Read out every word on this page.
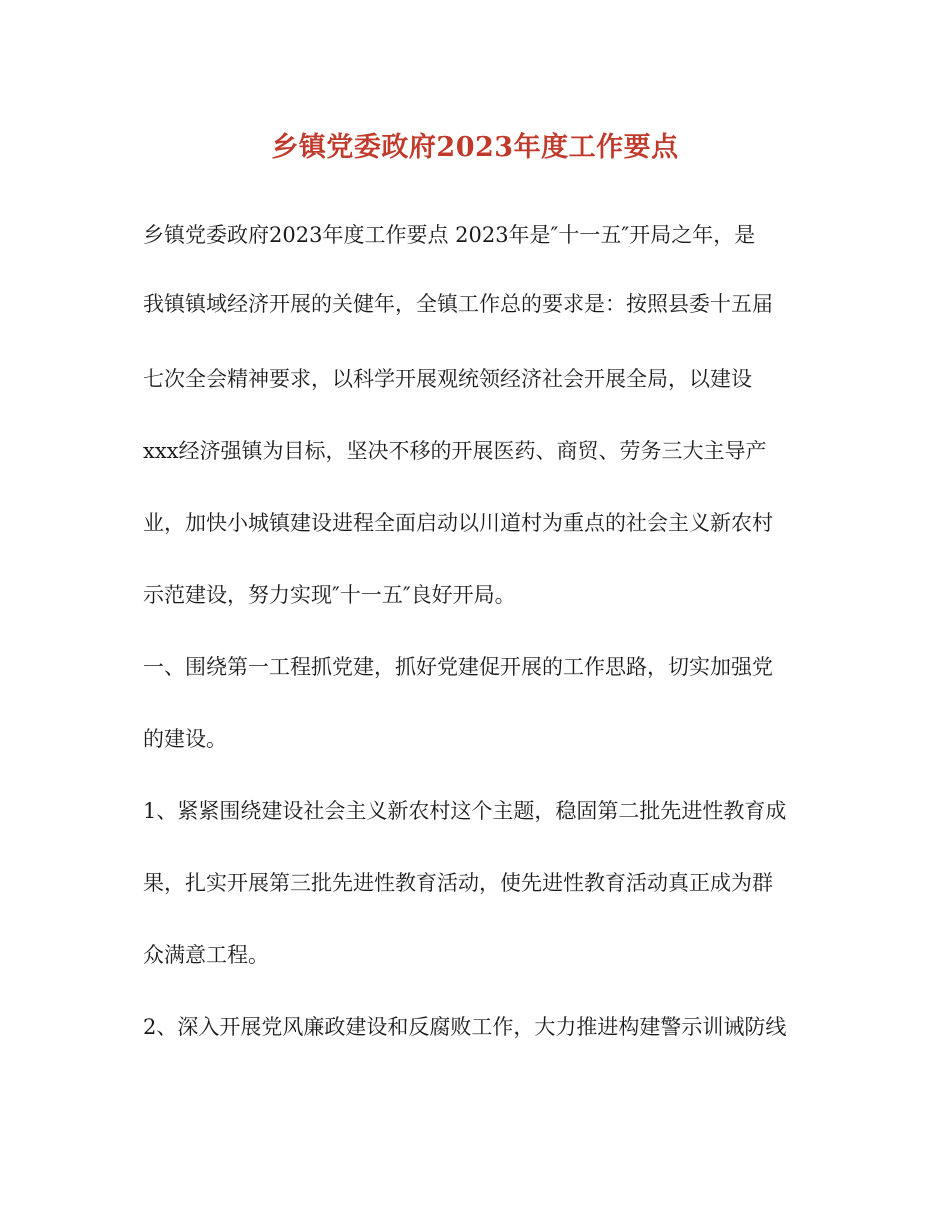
乡镇党委政府2023年度工作要点
乡镇党委政府2023年度工作要点 2023年是″十一五″开局之年，是
我镇镇域经济开展的关健年，全镇工作总的要求是：按照县委十五届
七次全会精神要求，以科学开展观统领经济社会开展全局，以建设
xxx经济强镇为目标，坚决不移的开展医药、商贸、劳务三大主导产
业，加快小城镇建设进程全面启动以川道村为重点的社会主义新农村
示范建设，努力实现″十一五″良好开局。
一、围绕第一工程抓党建，抓好党建促开展的工作思路，切实加强党
的建设。
1、紧紧围绕建设社会主义新农村这个主题，稳固第二批先进性教育成
果，扎实开展第三批先进性教育活动，使先进性教育活动真正成为群
众满意工程。
2、深入开展党风廉政建设和反腐败工作，大力推进构建警示训诫防线
